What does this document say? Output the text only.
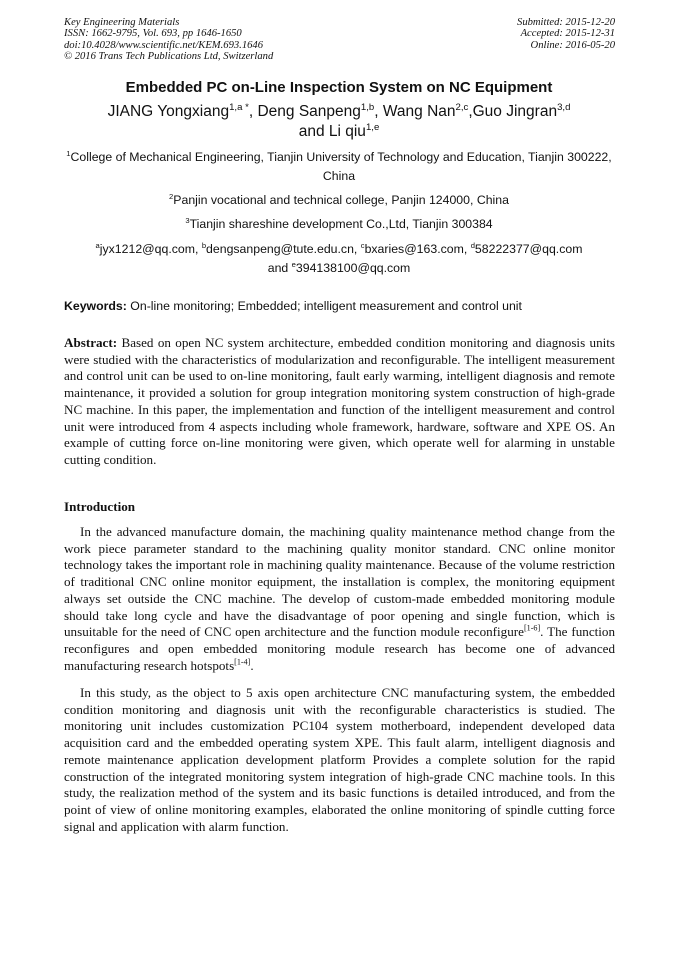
Key Engineering Materials
ISSN: 1662-9795, Vol. 693, pp 1646-1650
doi:10.4028/www.scientific.net/KEM.693.1646
© 2016 Trans Tech Publications Ltd, Switzerland
Submitted: 2015-12-20
Accepted: 2015-12-31
Online: 2016-05-20
Embedded PC on-Line Inspection System on NC Equipment
JIANG Yongxiang$^{1,a *}$, Deng Sanpeng$^{1,b}$, Wang Nan$^{2,c}$,Guo Jingran$^{3,d}$
and Li qiu$^{1,e}$
$^1$College of Mechanical Engineering, Tianjin University of Technology and Education, Tianjin 300222, China
$^2$Panjin vocational and technical college, Panjin 124000, China
$^3$Tianjin shareshine development Co.,Ltd, Tianjin 300384
$^a$jyx1212@qq.com, $^b$dengsanpeng@tute.edu.cn, $^c$bxaries@163.com, $^d$58222377@qq.com
and $^e$394138100@qq.com
Keywords: On-line monitoring; Embedded; intelligent measurement and control unit
Abstract: Based on open NC system architecture, embedded condition monitoring and diagnosis units were studied with the characteristics of modularization and reconfigurable. The intelligent measurement and control unit can be used to on-line monitoring, fault early warming, intelligent diagnosis and remote maintenance, it provided a solution for group integration monitoring system construction of high-grade NC machine. In this paper, the implementation and function of the intelligent measurement and control unit were introduced from 4 aspects including whole framework, hardware, software and XPE OS. An example of cutting force on-line monitoring were given, which operate well for alarming in unstable cutting condition.
Introduction

In the advanced manufacture domain, the machining quality maintenance method change from the work piece parameter standard to the machining quality monitor standard. CNC online monitor technology takes the important role in machining quality maintenance. Because of the volume restriction of traditional CNC online monitor equipment, the installation is complex, the monitoring equipment always set outside the CNC machine. The develop of custom-made embedded monitoring module should take long cycle and have the disadvantage of poor opening and single function, which is unsuitable for the need of CNC open architecture and the function module reconfigure[1-6]. The function reconfigures and open embedded monitoring module research has become one of advanced manufacturing research hotspots[1-4].

In this study, as the object to 5 axis open architecture CNC manufacturing system, the embedded condition monitoring and diagnosis unit with the reconfigurable characteristics is studied. The monitoring unit includes customization PC104 system motherboard, independent developed data acquisition card and the embedded operating system XPE. This fault alarm, intelligent diagnosis and remote maintenance application development platform Provides a complete solution for the rapid construction of the integrated monitoring system integration of high-grade CNC machine tools. In this study, the realization method of the system and its basic functions is detailed introduced, and from the point of view of online monitoring examples, elaborated the online monitoring of spindle cutting force signal and application with alarm function.
